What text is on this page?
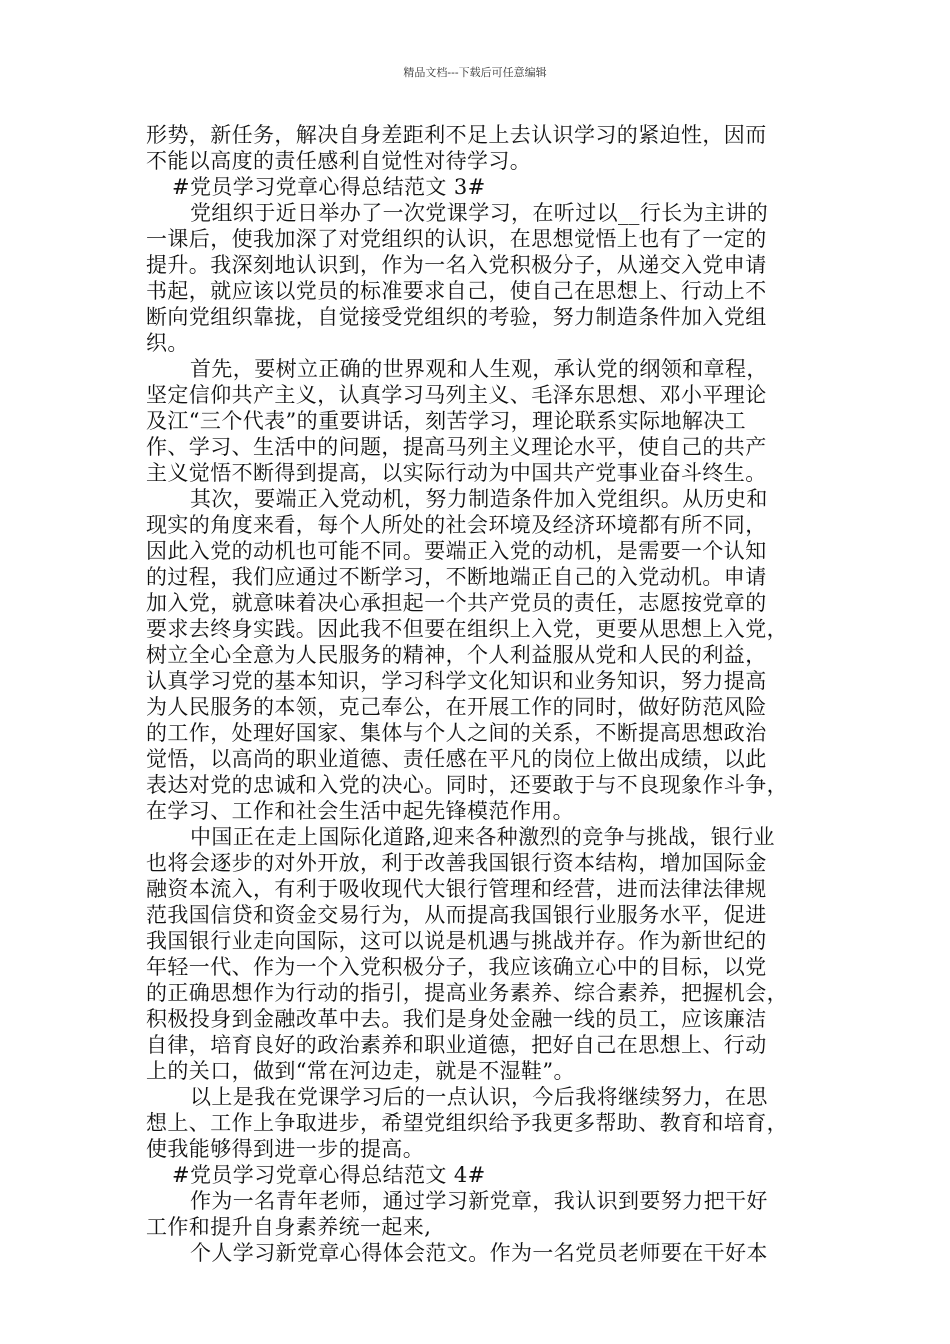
精品文档---下载后可任意编辑
形势，新任务，解决自身差距利不足上去认识学习的紧迫性，因而
不能以高度的责任感利自觉性对待学习。
#党员学习党章心得总结范文 3#
党组织于近日举办了一次党课学习，在听过以__行长为主讲的
一课后，使我加深了对党组织的认识，在思想觉悟上也有了一定的
提升。我深刻地认识到，作为一名入党积极分子，从递交入党申请
书起，就应该以党员的标准要求自己，使自己在思想上、行动上不
断向党组织靠拢，自觉接受党组织的考验，努力制造条件加入党组
织。
首先，要树立正确的世界观和人生观，承认党的纲领和章程，
坚定信仰共产主义，认真学习马列主义、毛泽东思想、邓小平理论
及江“三个代表”的重要讲话，刻苦学习，理论联系实际地解决工
作、学习、生活中的问题，提高马列主义理论水平，使自己的共产
主义觉悟不断得到提高，以实际行动为中国共产党事业奋斗终生。
其次，要端正入党动机，努力制造条件加入党组织。从历史和
现实的角度来看，每个人所处的社会环境及经济环境都有所不同，
因此入党的动机也可能不同。要端正入党的动机，是需要一个认知
的过程，我们应通过不断学习，不断地端正自己的入党动机。申请
加入党，就意味着决心承担起一个共产党员的责任，志愿按党章的
要求去终身实践。因此我不但要在组织上入党，更要从思想上入党，
树立全心全意为人民服务的精神，个人利益服从党和人民的利益，
认真学习党的基本知识，学习科学文化知识和业务知识，努力提高
为人民服务的本领，克己奉公，在开展工作的同时，做好防范风险
的工作，处理好国家、集体与个人之间的关系，不断提高思想政治
觉悟，以高尚的职业道德、责任感在平凡的岗位上做出成绩，以此
表达对党的忠诚和入党的决心。同时，还要敢于与不良现象作斗争，
在学习、工作和社会生活中起先锋模范作用。
中国正在走上国际化道路,迎来各种激烈的竞争与挑战，银行业
也将会逐步的对外开放，利于改善我国银行资本结构，增加国际金
融资本流入，有利于吸收现代大银行管理和经营，进而法律法律规
范我国信贷和资金交易行为，从而提高我国银行业服务水平，促进
我国银行业走向国际，这可以说是机遇与挑战并存。作为新世纪的
年轻一代、作为一个入党积极分子，我应该确立心中的目标，以党
的正确思想作为行动的指引，提高业务素养、综合素养，把握机会，
积极投身到金融改革中去。我们是身处金融一线的员工，应该廉洁
自律，培育良好的政治素养和职业道德，把好自己在思想上、行动
上的关口，做到“常在河边走，就是不湿鞋”。
以上是我在党课学习后的一点认识，今后我将继续努力，在思
想上、工作上争取进步，希望党组织给予我更多帮助、教育和培育，
使我能够得到进一步的提高。
#党员学习党章心得总结范文 4#
作为一名青年老师，通过学习新党章，我认识到要努力把干好
工作和提升自身素养统一起来,
个人学习新党章心得体会范文。作为一名党员老师要在干好本
